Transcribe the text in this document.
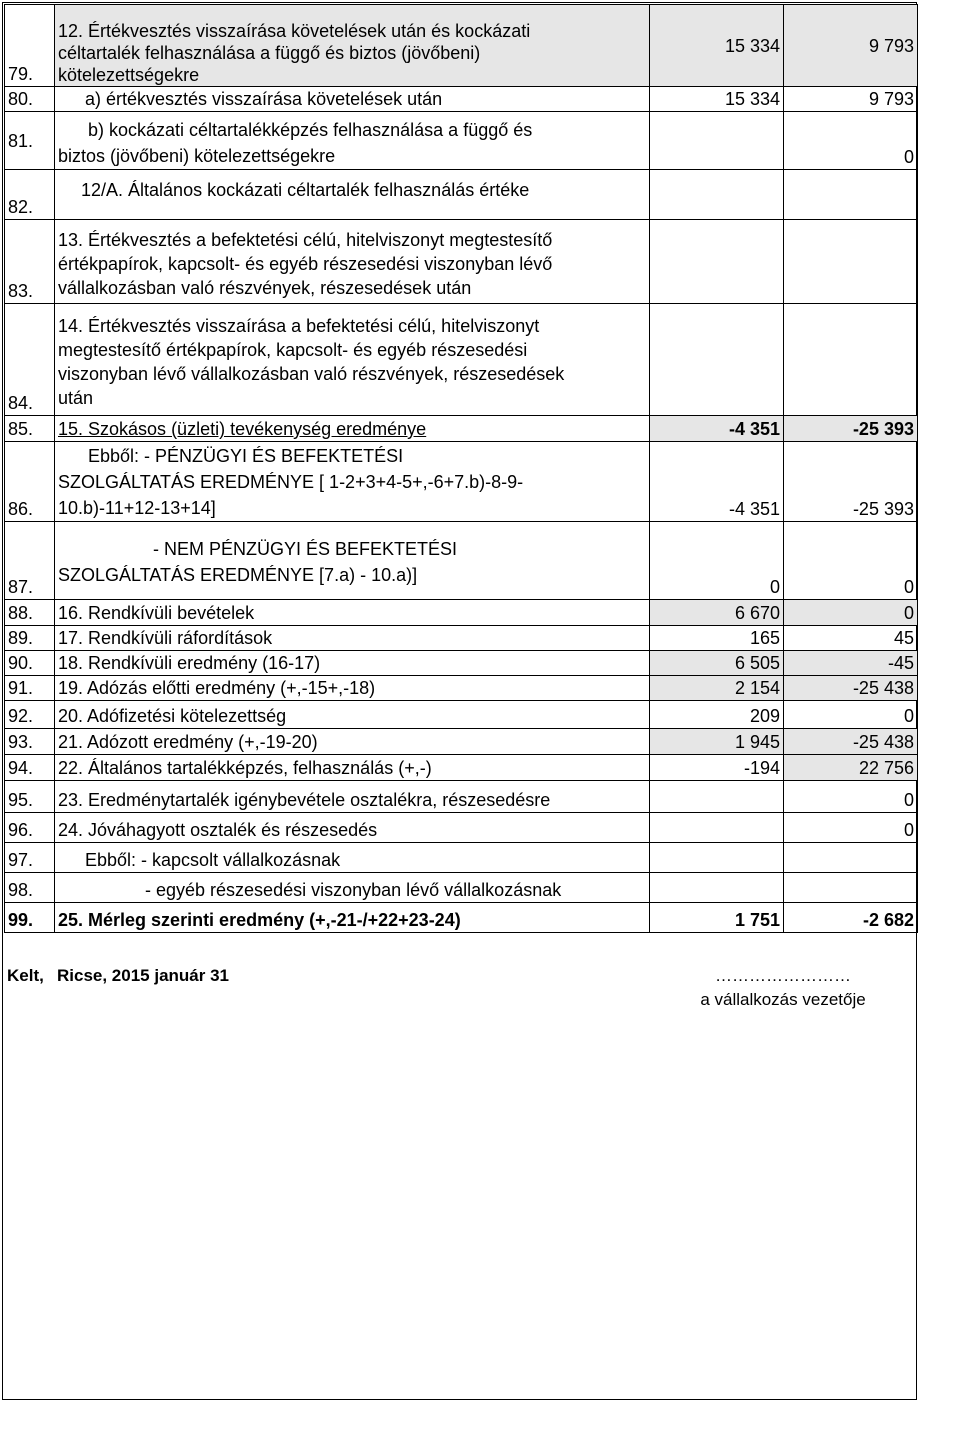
79.	12. Értékvesztés visszaírása követelések után és kockázati
céltartalék felhasználása a függő és biztos (jövőbeni)
kötelezettségekre	15 334	9 793
80.	a) értékvesztés visszaírása követelések után	15 334	9 793
81.	b) kockázati céltartalékképzés felhasználása a függő és
biztos (jövőbeni) kötelezettségekre		0
82.	12/A. Általános kockázati céltartalék felhasználás értéke		
83.	13. Értékvesztés a befektetési célú, hitelviszonyt megtestesítő
értékpapírok, kapcsolt- és egyéb részesedési viszonyban lévő
vállalkozásban való részvények, részesedések után		

84.	14. Értékvesztés visszaírása a befektetési célú, hitelviszonyt
megtestesítő értékpapírok, kapcsolt- és egyéb részesedési
viszonyban lévő vállalkozásban való részvények, részesedések
után		

85.	15. Szokásos (üzleti) tevékenység eredménye	-4 351	-25 393
86.	Ebből: - PÉNZÜGYI ÉS BEFEKTETÉSI
SZOLGÁLTATÁS EREDMÉNYE [ 1-2+3+4-5+,-6+7.b)-8-9-
10.b)-11+12-13+14]	-4 351	-25 393
87.	- NEM PÉNZÜGYI ÉS BEFEKTETÉSI
SZOLGÁLTATÁS EREDMÉNYE [7.a) - 10.a)]	0	0
88.	16. Rendkívüli bevételek	6 670	0
89.	17. Rendkívüli ráfordítások	165	45
90.	18. Rendkívüli eredmény (16-17)	6 505	-45
91.	19. Adózás előtti eredmény (+,-15+,-18)	2 154	-25 438
92.	20. Adófizetési kötelezettség	209	0
93.	21. Adózott eredmény (+,-19-20)	1 945	-25 438
94.	22. Általános tartalékképzés, felhasználás (+,-)	-194	22 756
95.	23. Eredménytartalék igénybevétele osztalékra, részesedésre		0
96.	24. Jóváhagyott osztalék és részesedés		0
97.	Ebből: - kapcsolt vállalkozásnak		
98.	- egyéb részesedési viszonyban lévő vállalkozásnak		
99.	25. Mérleg szerinti eredmény (+,-21-/+22+23-24)	1 751	-2 682
Kelt,	Ricse, 2015 január 31	……………………
a vállalkozás vezetője
